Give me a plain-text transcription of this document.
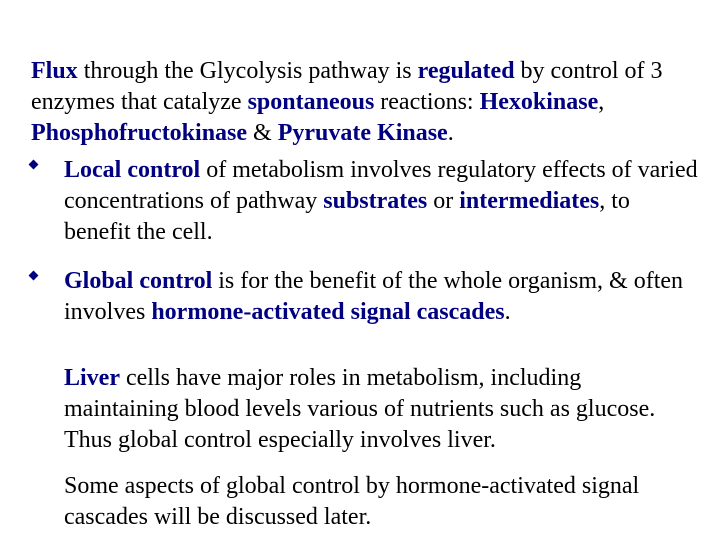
Flux through the Glycolysis pathway is regulated by control of 3 enzymes that catalyze spontaneous reactions: Hexokinase, Phosphofructokinase & Pyruvate Kinase.

Local control of metabolism involves regulatory effects of varied concentrations of pathway substrates or intermediates, to benefit the cell.
Global control is for the benefit of the whole organism, & often involves hormone-activated signal cascades.

Liver cells have major roles in metabolism, including maintaining blood levels various of nutrients such as glucose. Thus global control especially involves liver.

Some aspects of global control by hormone-activated signal cascades will be discussed later.
